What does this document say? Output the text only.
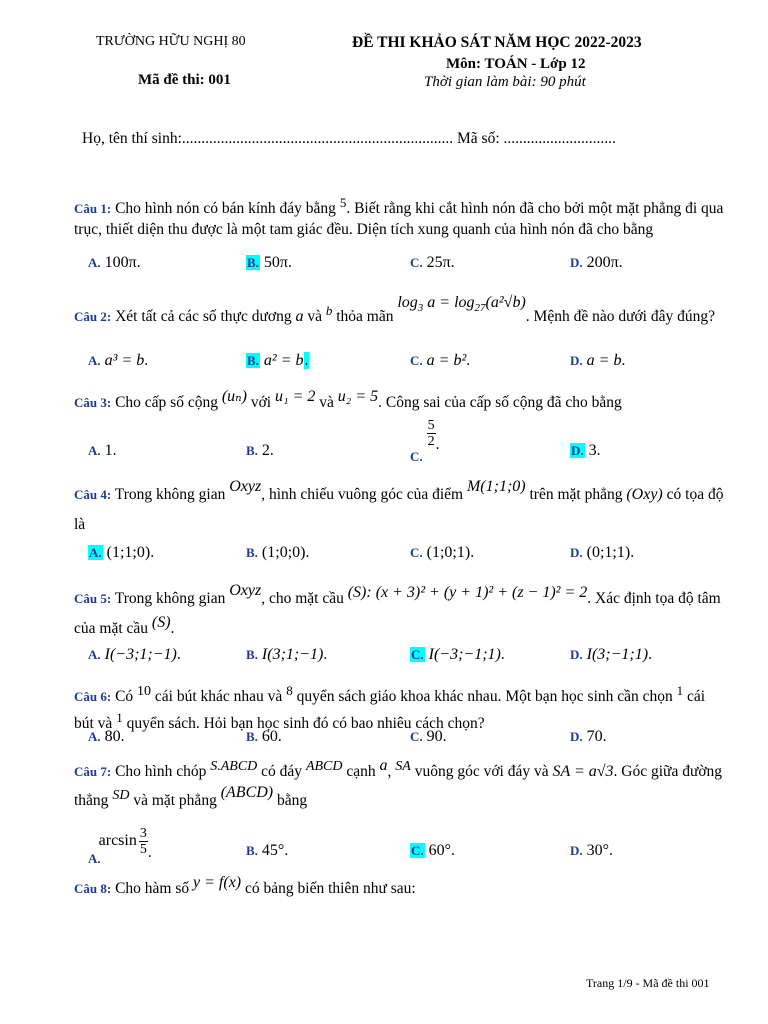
TRƯỜNG HỮU NGHỊ 80
Mã đề thi: 001
ĐỀ THI KHẢO SÁT NĂM HỌC 2022-2023
Môn: TOÁN - Lớp 12
Thời gian làm bài: 90 phút
Họ, tên thí sinh:...................................................................... Mã số: .............................
Câu 1: Cho hình nón có bán kính đáy bằng $^5$. Biết rằng khi cắt hình nón đã cho bởi một mặt phẳng đi qua trục, thiết diện thu được là một tam giác đều. Diện tích xung quanh của hình nón đã cho bằng
A. 100π.	B. 50π.	C. 25π.	D. 200π.
Câu 2: Xét tất cả các số thực dương a và $^b$ thỏa mãn $\log_3 a = \log_{27}(a^2√b)$. Mệnh đề nào dưới đây đúng?
A. a³ = b.	B. a² = b.	C. a = b².	D. a = b.
Câu 3: Cho cấp số cộng (uₙ) với u₁ = 2 và u₂ = 5. Công sai của cấp số cộng đã cho bằng
A. 1.	B. 2.	$_{C.}$
$\frac{5}{2}$ .	D. 3.
Câu 4: Trong không gian Oxyz, hình chiếu vuông góc của điểm M(1;1;0) trên mặt phẳng (Oxy) có tọa độ là
A. (1;1;0).	B. (1;0;0).	C. (1;0;1).	D. (0;1;1).
Câu 5: Trong không gian Oxyz, cho mặt cầu (S): (x + 3)² + (y + 1)² + (z − 1)² = 2. Xác định tọa độ tâm của mặt cầu (S).
A. I(−3;1;−1).	B. I(3;1;−1).	C. I(−3;−1;1).	D. I(3;−1;1).
Câu 6: Có $^{10}$ cái bút khác nhau và $^8$ quyển sách giáo khoa khác nhau. Một bạn học sinh cần chọn $^1$ cái bút và $^1$ quyển sách. Hỏi bạn học sinh đó có bao nhiêu cách chọn?
A. 80.	B. 60.	C. 90.	D. 70.
Câu 7: Cho hình chóp S.ABCD có đáy ABCD cạnh a, SA vuông góc với đáy và SA = a√3. Góc giữa đường thẳng SD và mặt phẳng (ABCD) bằng
$_{A.}\arcsin \frac{3}{5}$ .	B. 45°.	C. 60°.	D. 30°.
Câu 8: Cho hàm số y = f(x) có bảng biến thiên như sau:
Trang 1/9 - Mã đề thi 001
